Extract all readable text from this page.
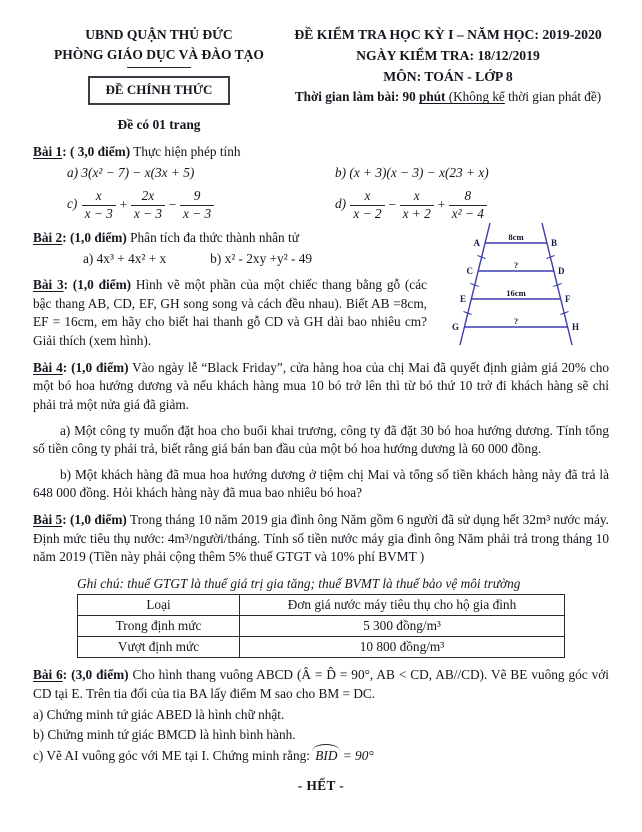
UBND QUẬN THỦ ĐỨC
PHÒNG GIÁO DỤC VÀ ĐÀO TẠO
ĐỀ CHÍNH THỨC
Đề có 01 trang
ĐỀ KIỂM TRA HỌC KỲ I – NĂM HỌC: 2019-2020
NGÀY KIỂM TRA: 18/12/2019
MÔN: TOÁN - LỚP 8
Thời gian làm bài: 90 phút (Không kể thời gian phát đề)

Bài 1: ( 3,0 điểm) Thực hiện phép tính

a) 3(x² − 7) − x(3x + 5)	b) (x + 3)(x − 3) − x(23 + x)
$c) \frac{x}{x - 3} + \frac{2x}{x - 3} - \frac{9}{x - 3}$	$d) \frac{x}{x - 2} - \frac{x}{x + 2} + \frac{8}{\text{x² − 4}}$
A	B
C	D
E	F
G	H
8cm
?
16cm
?

Bài 2: (1,0 điểm) Phân tích đa thức thành nhân tử

a) 4x³ + 4x² + x	b) x² - 2xy +y² - 49

Bài 3: (1,0 điểm) Hình vẽ một phần của một chiếc thang bằng gỗ (các bậc thang AB, CD, EF, GH song song và cách đều nhau). Biết AB =8cm, EF = 16cm, em hãy cho biết hai thanh gỗ CD và GH dài bao nhiêu cm? Giải thích (xem hình).

Bài 4: (1,0 điểm) Vào ngày lễ “Black Friday”, cửa hàng hoa của chị Mai đã quyết định giảm giá 20% cho một bó hoa hướng dương và nếu khách hàng mua 10 bó trở lên thì từ bó thứ 10 trở đi khách hàng sẽ chỉ phải trả một nửa giá đã giảm.

a) Một công ty muốn đặt hoa cho buổi khai trương, công ty đã đặt 30 bó hoa hướng dương. Tính tổng số tiền công ty phải trả, biết rằng giá bán ban đầu của một bó hoa hướng dương là 60 000 đồng.

b) Một khách hàng đã mua hoa hướng dương ở tiệm chị Mai và tổng số tiền khách hàng này đã trả là 648 000 đồng. Hỏi khách hàng này đã mua bao nhiêu bó hoa?

Bài 5: (1,0 điểm) Trong tháng 10 năm 2019 gia đình ông Năm gồm 6 người đã sử dụng hết 32m³ nước máy. Định mức tiêu thụ nước: 4m³/người/tháng. Tính số tiền nước máy gia đình ông Năm phải trả trong tháng 10 năm 2019 (Tiền này phải cộng thêm 5% thuế GTGT và 10% phí BVMT )

Ghi chú: thuế GTGT là thuế giá trị gia tăng; thuế BVMT là thuế bảo vệ môi trường

Loại	Đơn giá nước máy tiêu thụ cho hộ gia đình
Trong định mức	5 300 đồng/m³
Vượt định mức	10 800 đồng/m³

Bài 6: (3,0 điểm) Cho hình thang vuông ABCD (Â = D̂ = 90°, AB < CD, AB//CD). Vẽ BE vuông góc với CD tại E. Trên tia đối của tia BA lấy điểm M sao cho BM = DC.

a) Chứng minh tứ giác ABED là hình chữ nhật.

b) Chứng minh tứ giác BMCD là hình bình hành.

c) Vẽ AI vuông góc với ME tại I. Chứng minh rằng: BID = 90°

- HẾT -
